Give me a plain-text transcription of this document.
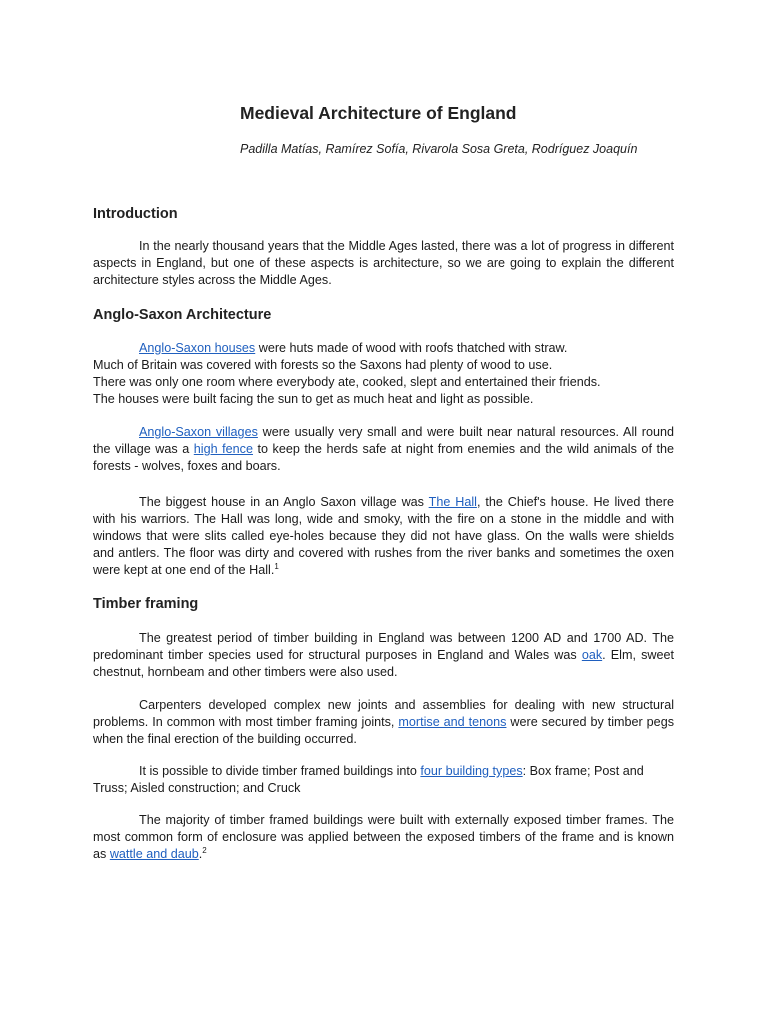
Medieval Architecture of England
Padilla Matías, Ramírez Sofía, Rivarola Sosa Greta, Rodríguez Joaquín
Introduction

In the nearly thousand years that the Middle Ages lasted, there was a lot of progress in different aspects in England, but one of these aspects is architecture, so we are going to explain the different architecture styles across the Middle Ages.

Anglo-Saxon Architecture
Anglo-Saxon houses were huts made of wood with roofs thatched with straw.
Much of Britain was covered with forests so the Saxons had plenty of wood to use.
There was only one room where everybody ate, cooked, slept and entertained their friends.
The houses were built facing the sun to get as much heat and light as possible.

Anglo-Saxon villages were usually very small and were built near natural resources. All round the village was a high fence to keep the herds safe at night from enemies and the wild animals of the forests - wolves, foxes and boars.

The biggest house in an Anglo Saxon village was The Hall, the Chief's house. He lived there with his warriors. The Hall was long, wide and smoky, with the fire on a stone in the middle and with windows that were slits called eye-holes because they did not have glass. On the walls were shields and antlers. The floor was dirty and covered with rushes from the river banks and sometimes the oxen were kept at one end of the Hall.$^1$

Timber framing

The greatest period of timber building in England was between 1200 AD and 1700 AD. The predominant timber species used for structural purposes in England and Wales was oak. Elm, sweet chestnut, hornbeam and other timbers were also used.

Carpenters developed complex new joints and assemblies for dealing with new structural problems. In common with most timber framing joints, mortise and tenons were secured by timber pegs when the final erection of the building occurred.

It is possible to divide timber framed buildings into four building types: Box frame; Post and Truss; Aisled construction; and Cruck

The majority of timber framed buildings were built with externally exposed timber frames. The most common form of enclosure was applied between the exposed timbers of the frame and is known as wattle and daub.$^2$
